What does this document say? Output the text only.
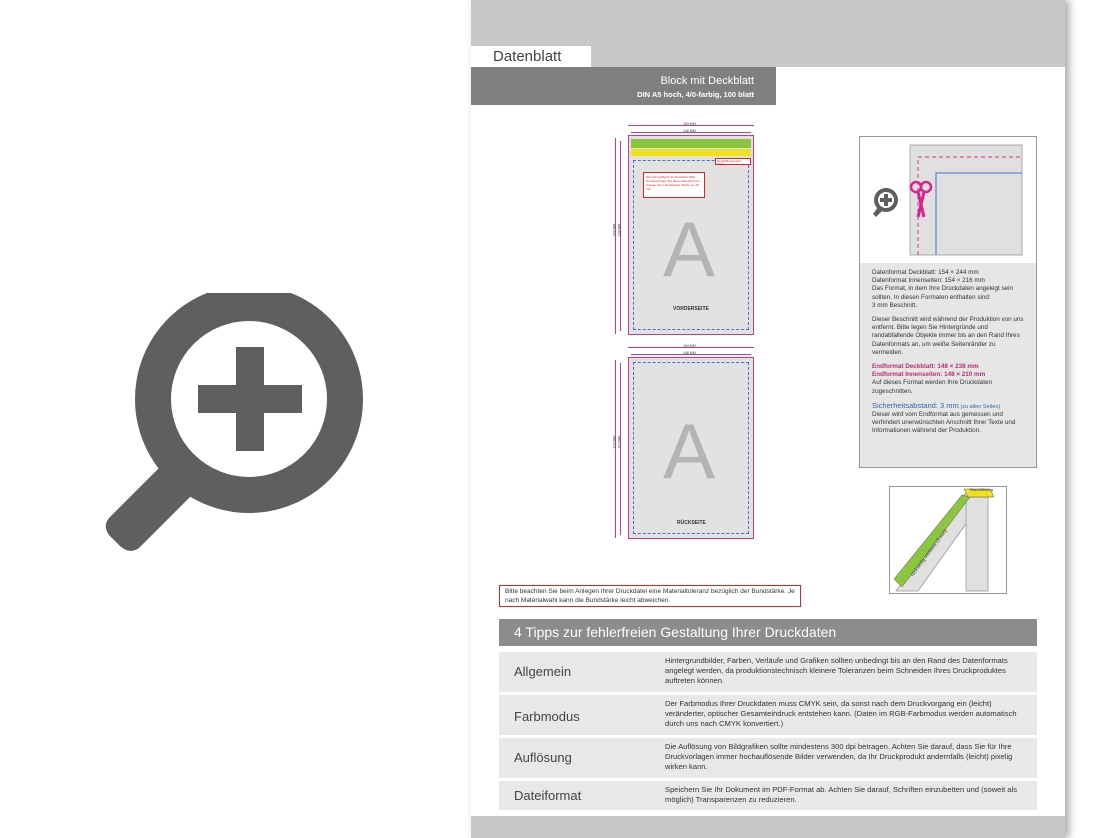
Datenblatt
Block mit Deckblatt
DIN A5 hoch, 4/0-farbig, 100 blatt
154 MM
148 MM
244 MM 238 MM
Randöffnung (inkl. Naht)
Gilt nicht gültig für Ihr Deckblatt. Bitte berücksichtigen Sie diesen Bereich beim Anlegen Ihrer Druckdaten. Breite ca. 28 mm.
A
VORDERSEITE
154 MM
148 MM
216 MM 210 MM A
RÜCKSEITE

Datenformat Deckblatt: 154 × 244 mm
Datenformat Innenseiten: 154 × 216 mm
Das Format, in dem Ihre Druckdaten angelegt sein
sollten. In diesen Formaten enthalten sind:
3 mm Beschnitt.

Dieser Beschnitt wird während der Produktion von uns entfernt. Bitte legen Sie Hintergründe und randabfallende Objekte immer bis an den Rand Ihres Datenformats an, um weiße Seitenränder zu vermeiden.

Endformat Deckblatt: 148 × 238 mm
Endformat Innenseiten: 148 × 210 mm
Auf dieses Format werden Ihre Druckdaten
zugeschnitten.

Sicherheitsabstand: 3 mm (zu allen Seiten)
Dieser wird vom Endformat aus gemessen und verhindert unerwünschten Anschnitt Ihrer Texte und Informationen während der Produktion.

Randöffnung
rückseitig verleimt (3 mm)
Bitte beachten Sie beim Anlegen Ihrer Druckdatei eine Materialtoleranz bezüglich der Bundstärke. Je nach Materialwahl kann die Bundstärke leicht abweichen.
4 Tipps zur fehlerfreien Gestaltung Ihrer Druckdaten
Allgemein
Hintergrundbilder, Farben, Verläufe und Grafiken sollten unbedingt bis an den Rand des Datenformats angelegt werden, da produktionstechnisch kleinere Toleranzen beim Schneiden Ihres Druckproduktes auftreten können.
Farbmodus
Der Farbmodus Ihrer Druckdaten muss CMYK sein, da sonst nach dem Druckvorgang ein (leicht) veränderter, optischer Gesamteindruck entstehen kann. (Daten im RGB-Farbmodus werden automatisch durch uns nach CMYK konvertiert.)
Auflösung
Die Auflösung von Bildgrafiken sollte mindestens 300 dpi betragen. Achten Sie darauf, dass Sie für Ihre Druckvorlagen immer hochauflösende Bilder verwenden, da Ihr Druckprodukt andernfalls (leicht) pixelig wirken kann.
Dateiformat	Speichern Sie Ihr Dokument im PDF-Format ab. Achten Sie darauf, Schriften einzubetten und (soweit als möglich) Transparenzen zu reduzieren.
